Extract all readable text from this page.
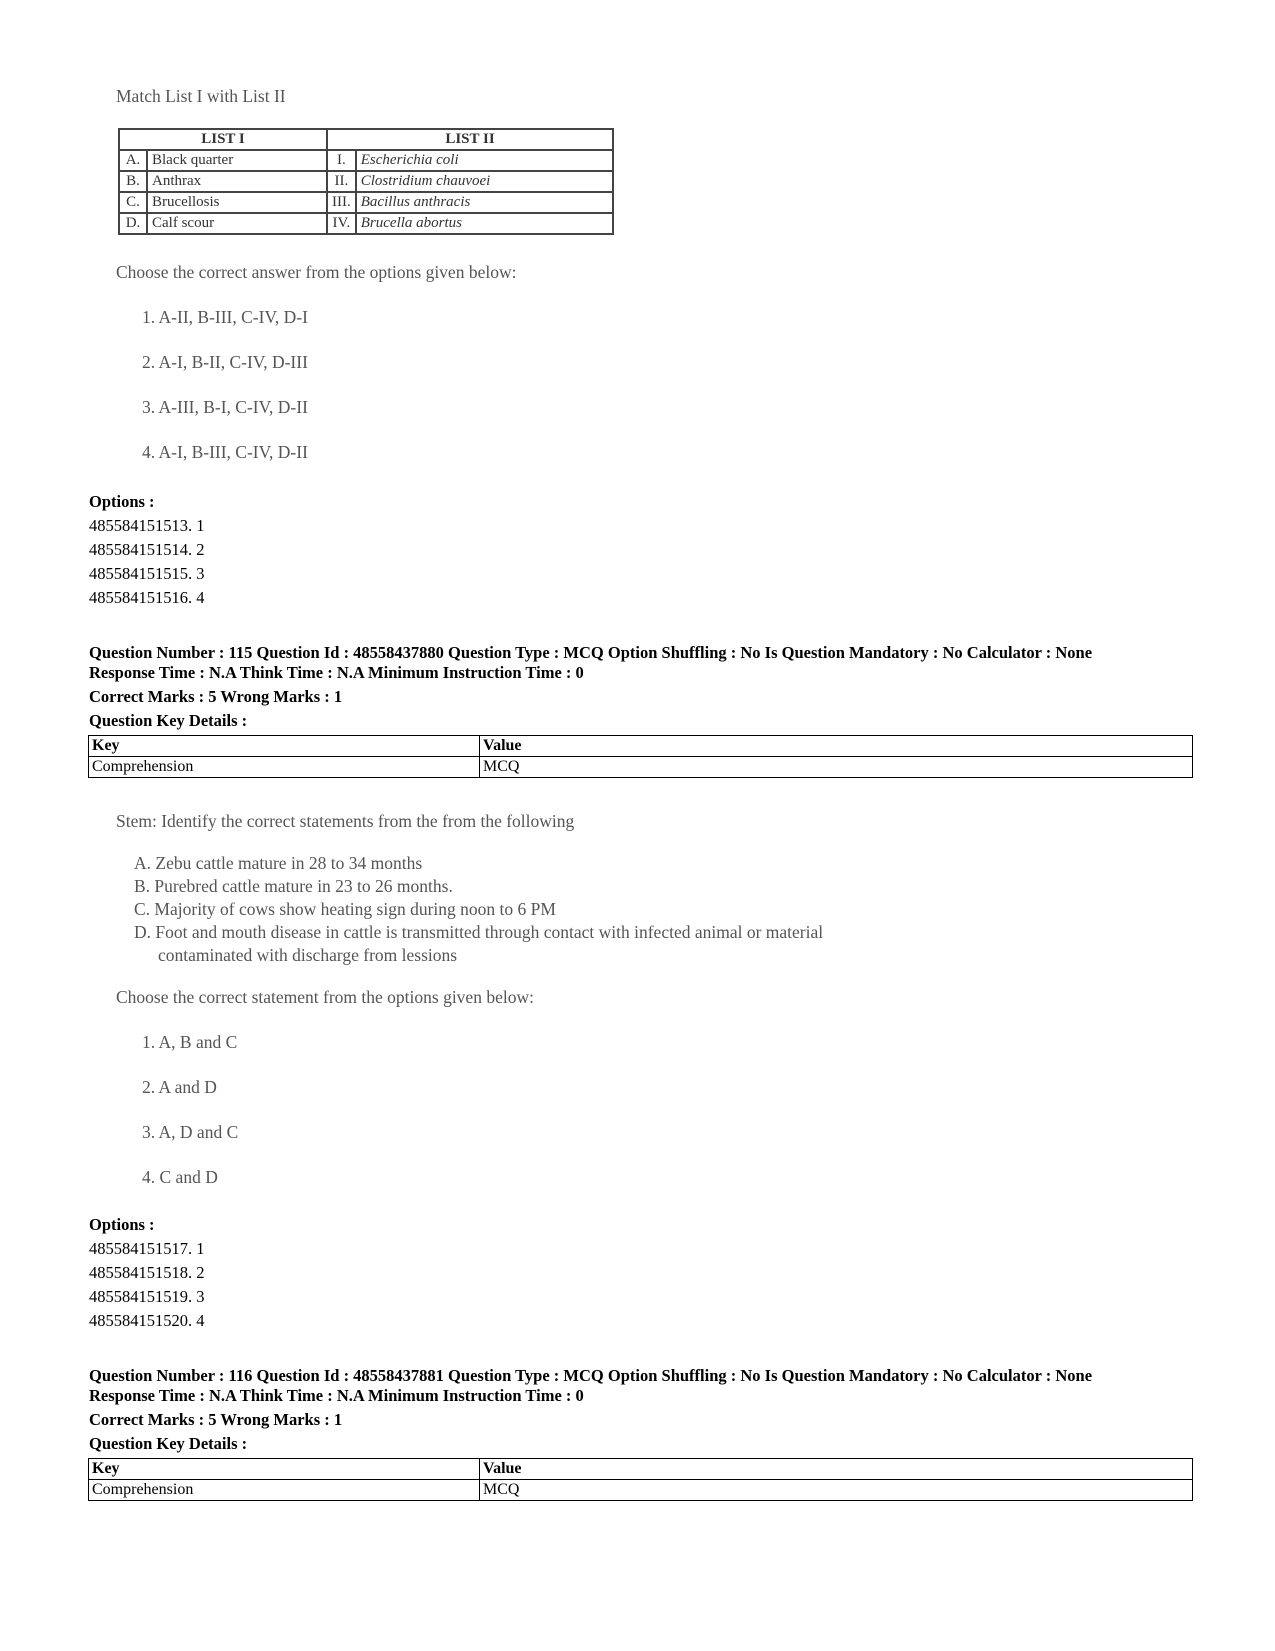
Match List I with List II
LIST I		LIST II	
A.	Black quarter	I.	Escherichia coli
B.	Anthrax	II.	Clostridium chauvoei
C.	Brucellosis	III.	Bacillus anthracis
D.	Calf scour	IV.	Brucella abortus
Choose the correct answer from the options given below:
1. A-II, B-III, C-IV, D-I
2. A-I, B-II, C-IV, D-III
3. A-III, B-I, C-IV, D-II
4. A-I, B-III, C-IV, D-II
Options :
485584151513. 1
485584151514. 2
485584151515. 3
485584151516. 4
Question Number : 115 Question Id : 48558437880 Question Type : MCQ Option Shuffling : No Is Question Mandatory : No Calculator : None
Response Time : N.A Think Time : N.A Minimum Instruction Time : 0
Correct Marks : 5 Wrong Marks : 1
Question Key Details :
Key	Value
Comprehension	MCQ
Stem: Identify the correct statements from the from the following
A. Zebu cattle mature in 28 to 34 months
B. Purebred cattle mature in 23 to 26 months.
C. Majority of cows show heating sign during noon to 6 PM
D. Foot and mouth disease in cattle is transmitted through contact with infected animal or material
contaminated with discharge from lessions
Choose the correct statement from the options given below:
1. A, B and C
2. A and D
3. A, D and C
4. C and D
Options :
485584151517. 1
485584151518. 2
485584151519. 3
485584151520. 4
Question Number : 116 Question Id : 48558437881 Question Type : MCQ Option Shuffling : No Is Question Mandatory : No Calculator : None
Response Time : N.A Think Time : N.A Minimum Instruction Time : 0
Correct Marks : 5 Wrong Marks : 1
Question Key Details :
Key	Value
Comprehension	MCQ
